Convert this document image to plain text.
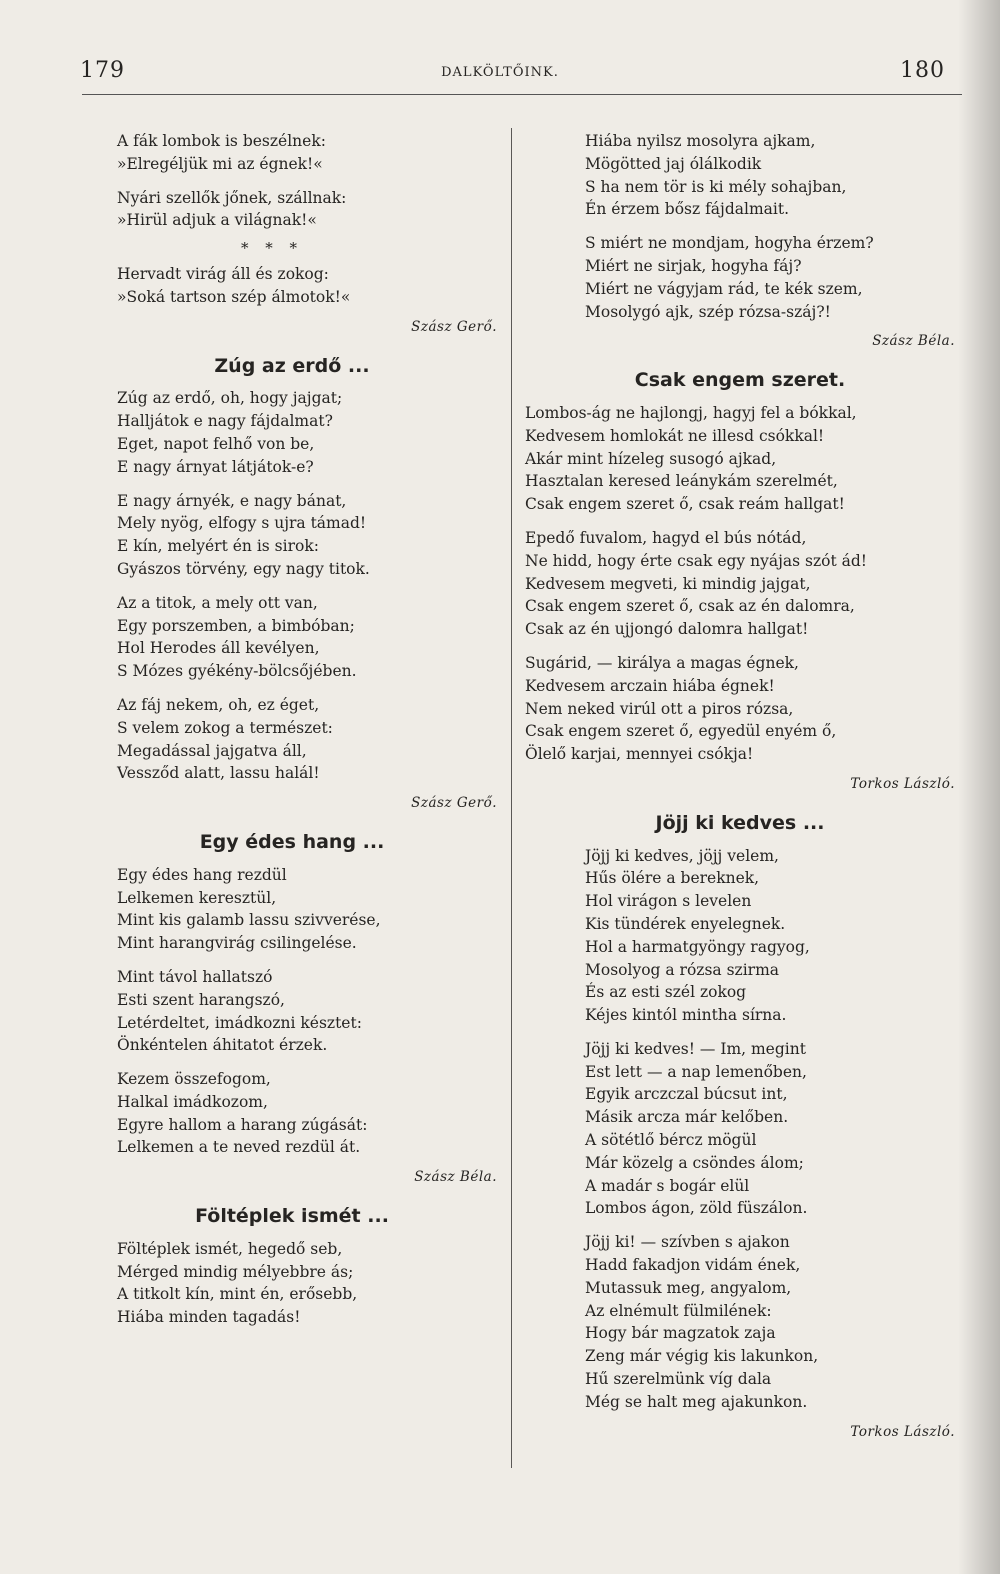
179	DALKÖLTŐINK.	180
A fák lombok is beszélnek:
»Elregéljük mi az égnek!«
Nyári szellők jőnek, szállnak:
»Hirül adjuk a világnak!«
* * *
Hervadt virág áll és zokog:
»Soká tartson szép álmotok!«
Szász Gerő.
Zúg az erdő ...
Zúg az erdő, oh, hogy jajgat;
Halljátok e nagy fájdalmat?
Eget, napot felhő von be,
E nagy árnyat látjátok-e?
E nagy árnyék, e nagy bánat,
Mely nyög, elfogy s ujra támad!
E kín, melyért én is sirok:
Gyászos törvény, egy nagy titok.
Az a titok, a mely ott van,
Egy porszemben, a bimbóban;
Hol Herodes áll kevélyen,
S Mózes gyékény-bölcsőjében.
Az fáj nekem, oh, ez éget,
S velem zokog a természet:
Megadással jajgatva áll,
Vessződ alatt, lassu halál!
Szász Gerő.
Egy édes hang ...
Egy édes hang rezdül
Lelkemen keresztül,
Mint kis galamb lassu szivverése,
Mint harangvirág csilingelése.
Mint távol hallatszó
Esti szent harangszó,
Letérdeltet, imádkozni késztet:
Önkéntelen áhitatot érzek.
Kezem összefogom,
Halkal imádkozom,
Egyre hallom a harang zúgását:
Lelkemen a te neved rezdül át.
Szász Béla.
Föltéplek ismét ...
Föltéplek ismét, hegedő seb,
Mérged mindig mélyebbre ás;
A titkolt kín, mint én, erősebb,
Hiába minden tagadás!
Hiába nyilsz mosolyra ajkam,
Mögötted jaj ólálkodik
S ha nem tör is ki mély sohajban,
Én érzem bősz fájdalmait.
S miért ne mondjam, hogyha érzem?
Miért ne sirjak, hogyha fáj?
Miért ne vágyjam rád, te kék szem,
Mosolygó ajk, szép rózsa-száj?!
Szász Béla.
Csak engem szeret.
Lombos-ág ne hajlongj, hagyj fel a bókkal,
Kedvesem homlokát ne illesd csókkal!
Akár mint hízeleg susogó ajkad,
Hasztalan keresed leánykám szerelmét,
Csak engem szeret ő, csak reám hallgat!
Epedő fuvalom, hagyd el bús nótád,
Ne hidd, hogy érte csak egy nyájas szót ád!
Kedvesem megveti, ki mindig jajgat,
Csak engem szeret ő, csak az én dalomra,
Csak az én ujjongó dalomra hallgat!
Sugárid, — királya a magas égnek,
Kedvesem arczain hiába égnek!
Nem neked virúl ott a piros rózsa,
Csak engem szeret ő, egyedül enyém ő,
Ölelő karjai, mennyei csókja!
Torkos László.
Jöjj ki kedves ...
Jöjj ki kedves, jöjj velem,
Hűs ölére a bereknek,
Hol virágon s levelen
Kis tündérek enyelegnek.
Hol a harmatgyöngy ragyog,
Mosolyog a rózsa szirma
És az esti szél zokog
Kéjes kintól mintha sírna.
Jöjj ki kedves! — Im, megint
Est lett — a nap lemenőben,
Egyik arczczal búcsut int,
Másik arcza már kelőben.
A sötétlő bércz mögül
Már közelg a csöndes álom;
A madár s bogár elül
Lombos ágon, zöld füszálon.
Jöjj ki! — szívben s ajakon
Hadd fakadjon vidám ének,
Mutassuk meg, angyalom,
Az elnémult fülmilének:
Hogy bár magzatok zaja
Zeng már végig kis lakunkon,
Hű szerelmünk víg dala
Még se halt meg ajakunkon.
Torkos László.
